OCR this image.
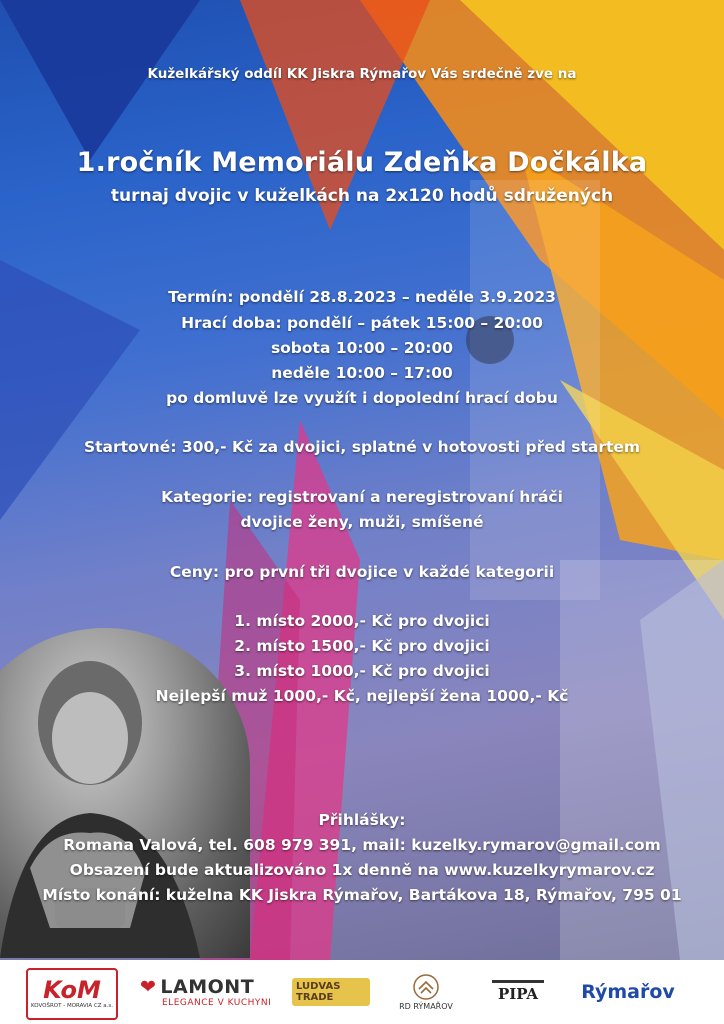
Kuželkářský oddíl KK Jiskra Rýmařov Vás srdečně zve na
1.ročník Memoriálu Zdeňka Dočkálka
turnaj dvojic v kuželkách na 2x120 hodů sdružených
Termín: pondělí 28.8.2023 – neděle 3.9.2023
Hrací doba: pondělí – pátek 15:00 – 20:00
sobota 10:00 – 20:00
neděle 10:00 – 17:00
po domluvě lze využít i dopolední hrací dobu
Startovné: 300,- Kč za dvojici, splatné v hotovosti před startem
Kategorie: registrovaní a neregistrovaní hráči
dvojice ženy, muži, smíšené
Ceny: pro první tři dvojice v každé kategorii
1. místo 2000,- Kč pro dvojici
2. místo 1500,- Kč pro dvojici
3. místo 1000,- Kč pro dvojici
Nejlepší muž 1000,- Kč, nejlepší žena 1000,- Kč
Přihlášky:
Romana Valová, tel. 608 979 391, mail: kuzelky.rymarov@gmail.com
Obsazení bude aktualizováno 1x denně na www.kuzelkyrymarov.cz
Místo konání: kuželna KK Jiskra Rýmařov, Bartákova 18, Rýmařov, 795 01
KoM
KOVOŠROT - MORAVIA CZ a.s.
❤ LAMONT
ELEGANCE V KUCHYNI
LUDVAS TRADE
RD RÝMAŘOV
PIPA	Rýmařov
